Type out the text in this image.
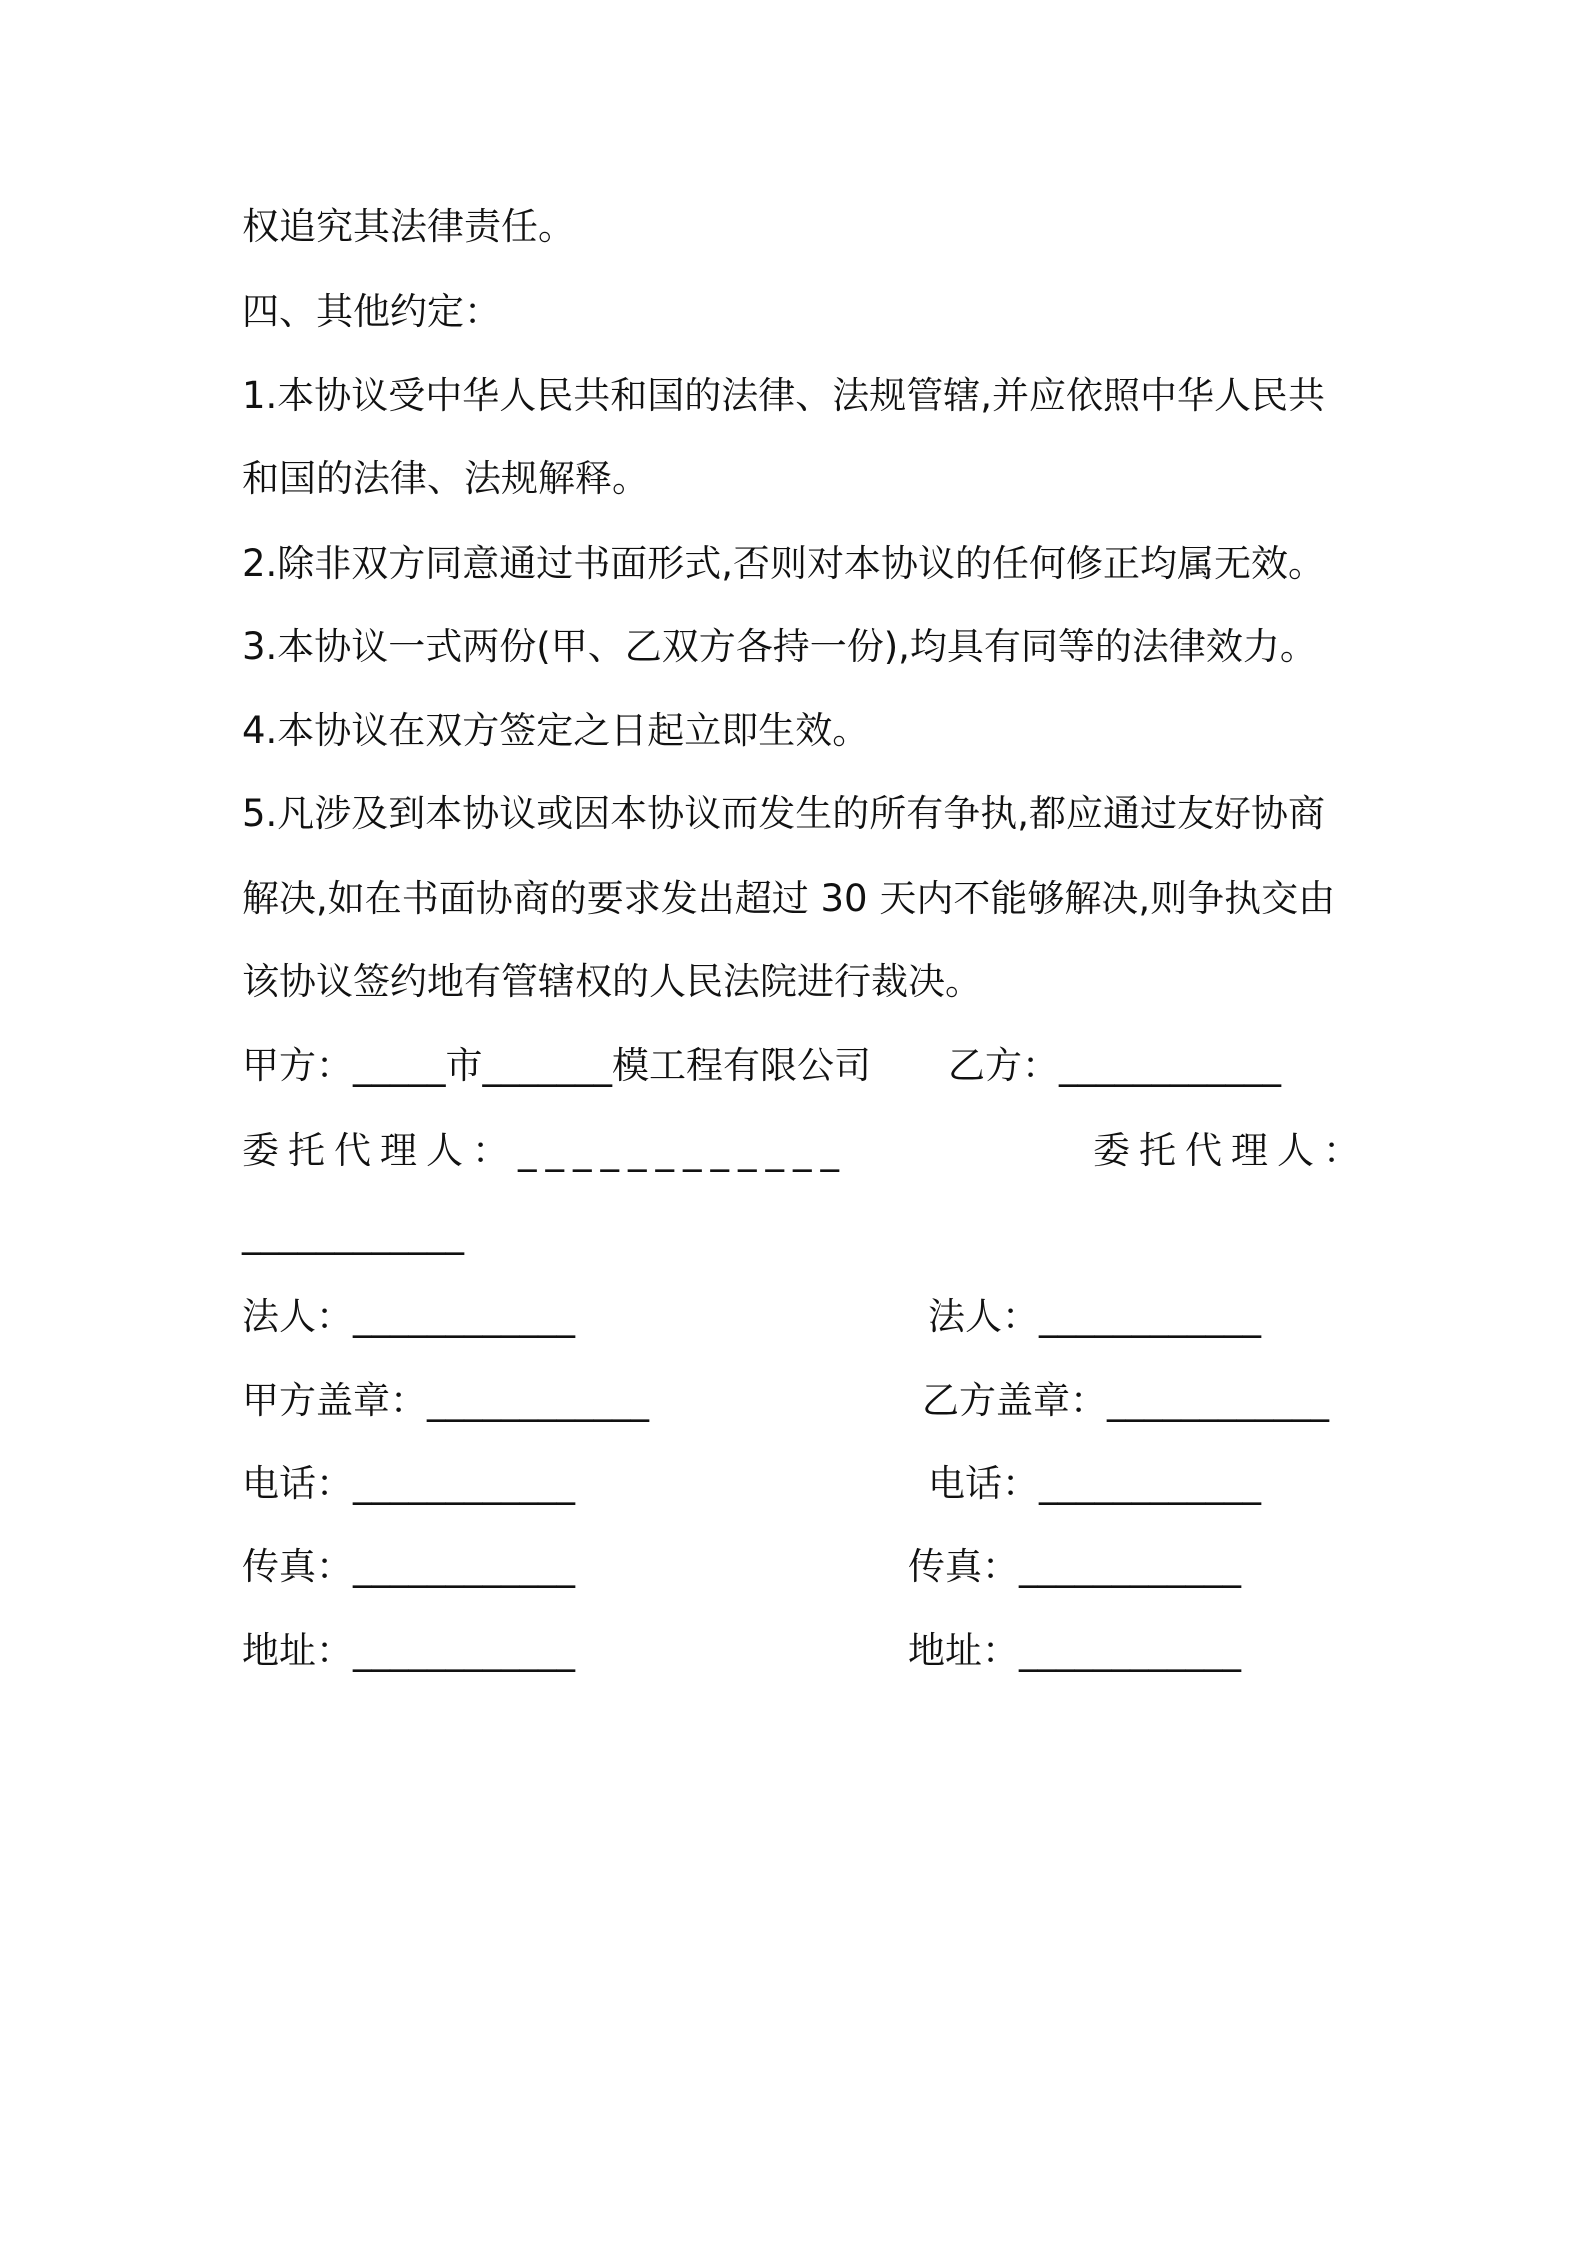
权追究其法律责任。
四、其他约定：
1.本协议受中华人民共和国的法律、法规管辖,并应依照中华人民共
和国的法律、法规解释。
2.除非双方同意通过书面形式,否则对本协议的任何修正均属无效。
3.本协议一式两份(甲、乙双方各持一份),均具有同等的法律效力。
4.本协议在双方签定之日起立即生效。
5.凡涉及到本协议或因本协议而发生的所有争执,都应通过友好协商
解决,如在书面协商的要求发出超过 30 天内不能够解决,则争执交由
该协议签约地有管辖权的人民法院进行裁决。
甲方：_____市_______模工程有限公司	乙方：____________
委托代理人：____________	委托代理人：
____________
法人：____________	法人：____________
甲方盖章：____________	乙方盖章：____________
电话：____________	电话：____________
传真：____________	传真：____________
地址：____________	地址：____________
